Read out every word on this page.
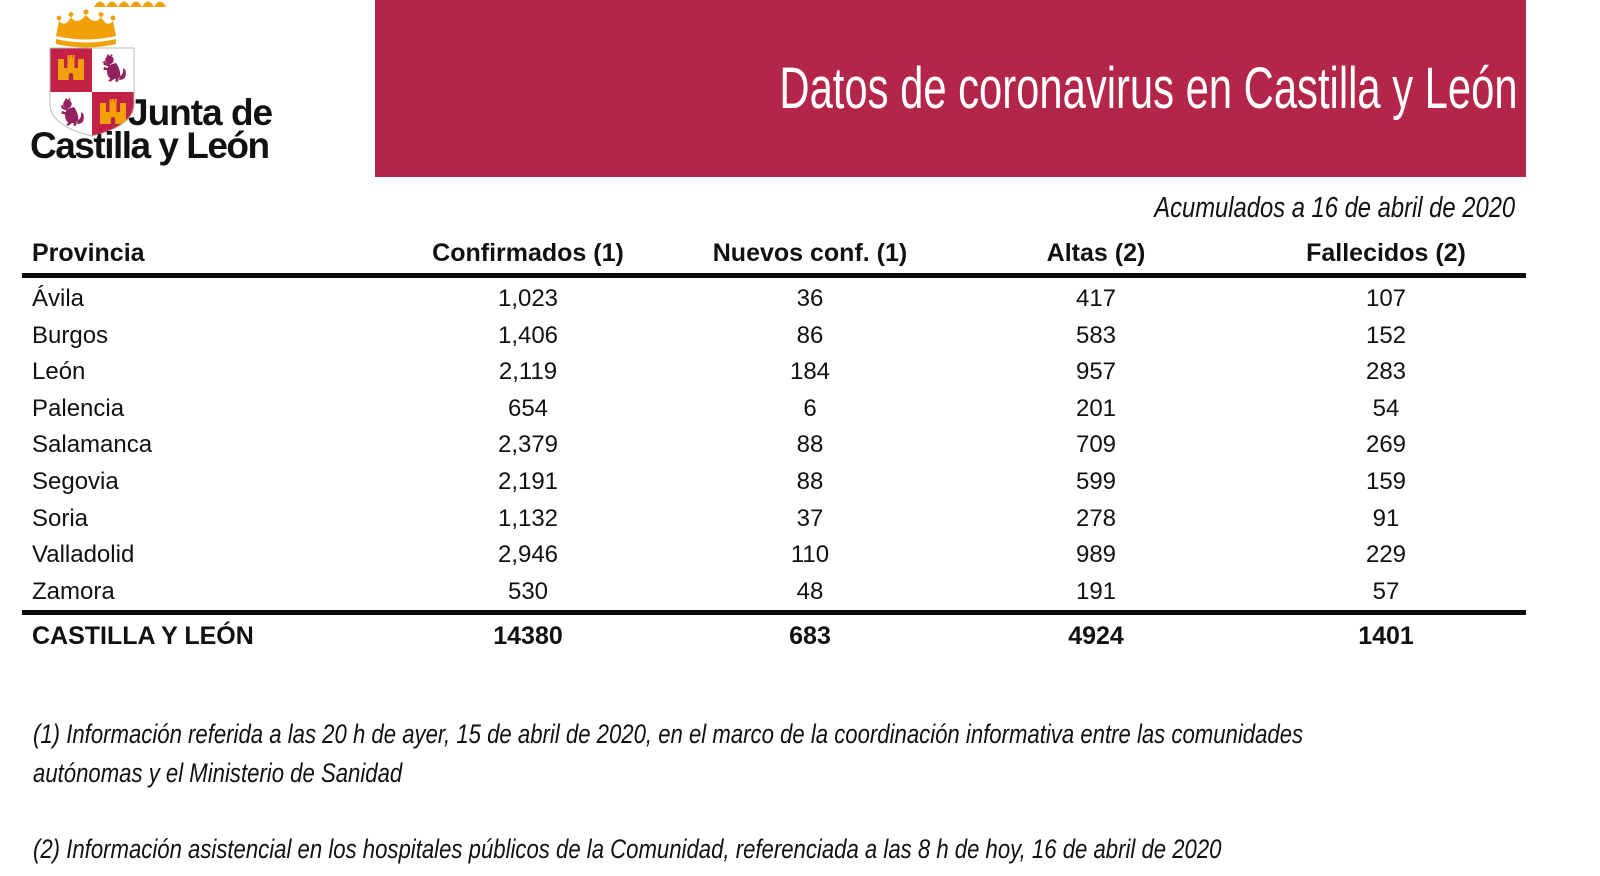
Junta de
Castilla y León
Datos de coronavirus en Castilla y León
Acumulados a 16 de abril de 2020
Provincia	Confirmados (1)	Nuevos conf. (1)	Altas (2)	Fallecidos (2)
Ávila	1,023	36	417	107
Burgos	1,406	86	583	152
León	2,119	184	957	283
Palencia	654	6	201	54
Salamanca	2,379	88	709	269
Segovia	2,191	88	599	159
Soria	1,132	37	278	91
Valladolid	2,946	110	989	229
Zamora	530	48	191	57
CASTILLA Y LEÓN	14380	683	4924	1401
(1) Información referida a las 20 h de ayer, 15 de abril de 2020, en el marco de la coordinación informativa entre las comunidades
autónomas y el Ministerio de Sanidad
(2) Información asistencial en los hospitales públicos de la Comunidad, referenciada a las 8 h de hoy, 16 de abril de 2020
